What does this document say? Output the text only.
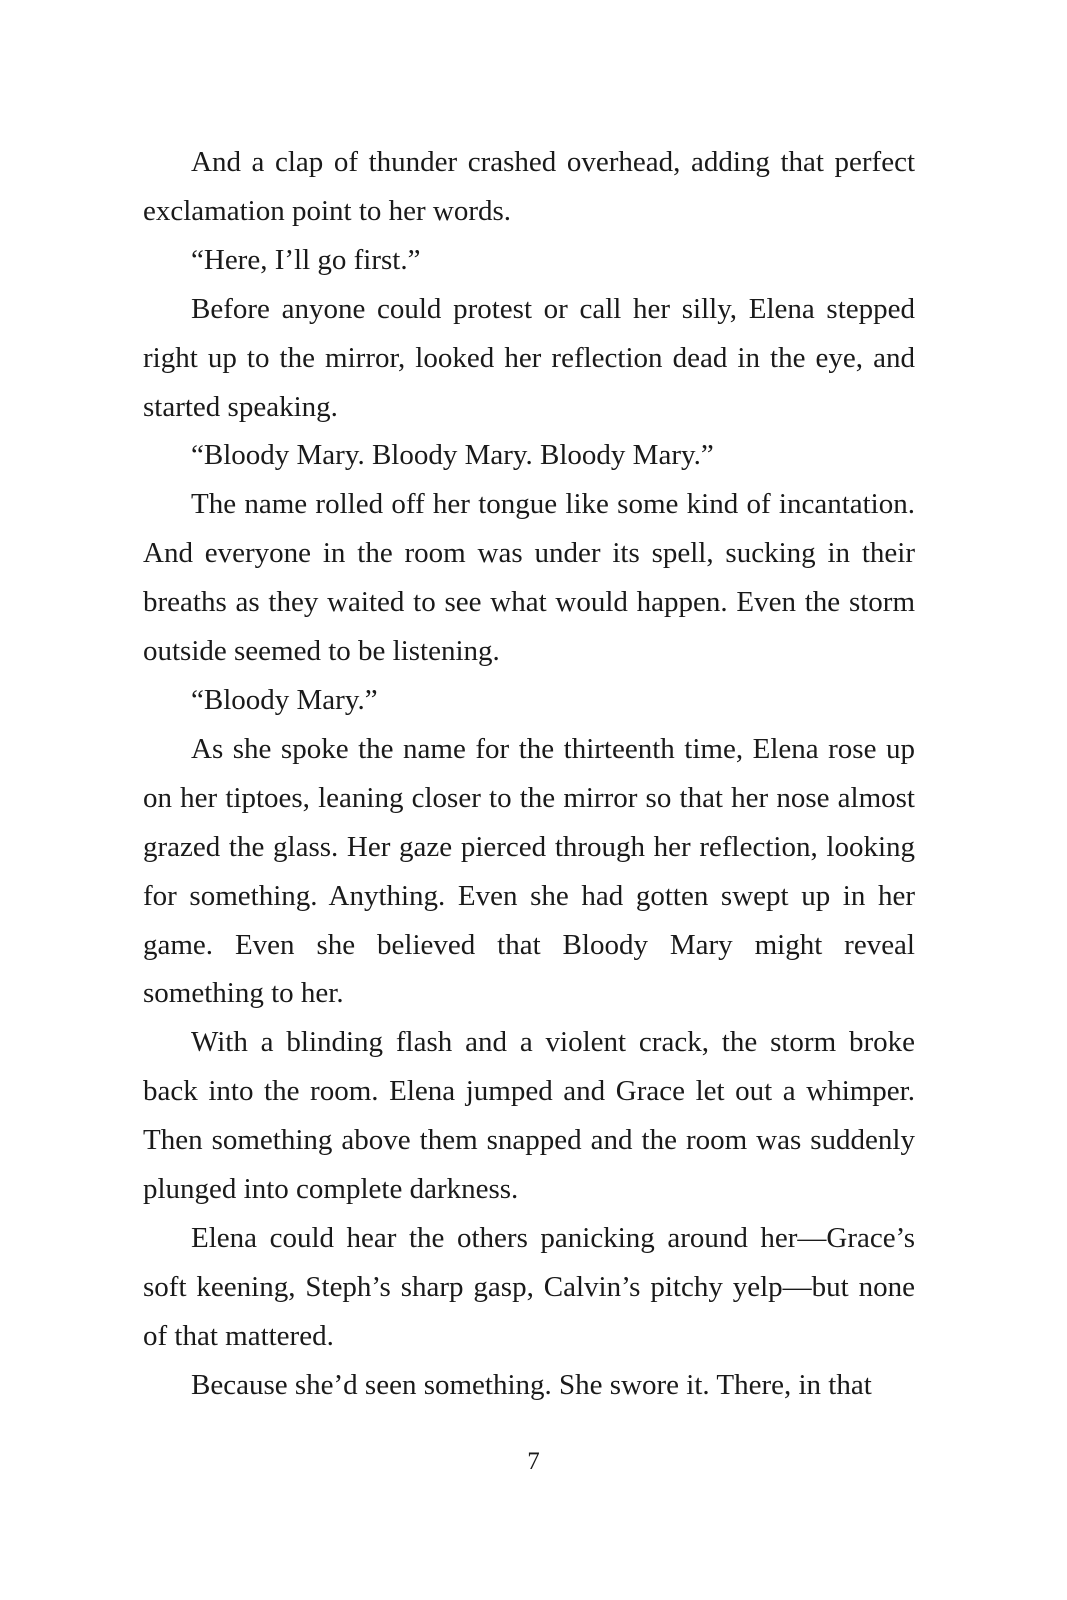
And a clap of thunder crashed overhead, adding that perfect exclamation point to her words.

“Here, I’ll go first.”

Before anyone could protest or call her silly, Elena stepped right up to the mirror, looked her reflection dead in the eye, and started speaking.

“Bloody Mary. Bloody Mary. Bloody Mary.”

The name rolled off her tongue like some kind of incantation. And everyone in the room was under its spell, sucking in their breaths as they waited to see what would happen. Even the storm outside seemed to be listening.

“Bloody Mary.”

As she spoke the name for the thirteenth time, Elena rose up on her tiptoes, leaning closer to the mirror so that her nose almost grazed the glass. Her gaze pierced through her reflection, looking for something. Anything. Even she had gotten swept up in her game. Even she believed that Bloody Mary might reveal something to her.

With a blinding flash and a violent crack, the storm broke back into the room. Elena jumped and Grace let out a whimper. Then something above them snapped and the room was suddenly plunged into complete darkness.

Elena could hear the others panicking around her—Grace’s soft keening, Steph’s sharp gasp, Calvin’s pitchy yelp—but none of that mattered.

Because she’d seen something. She swore it. There, in that

7
